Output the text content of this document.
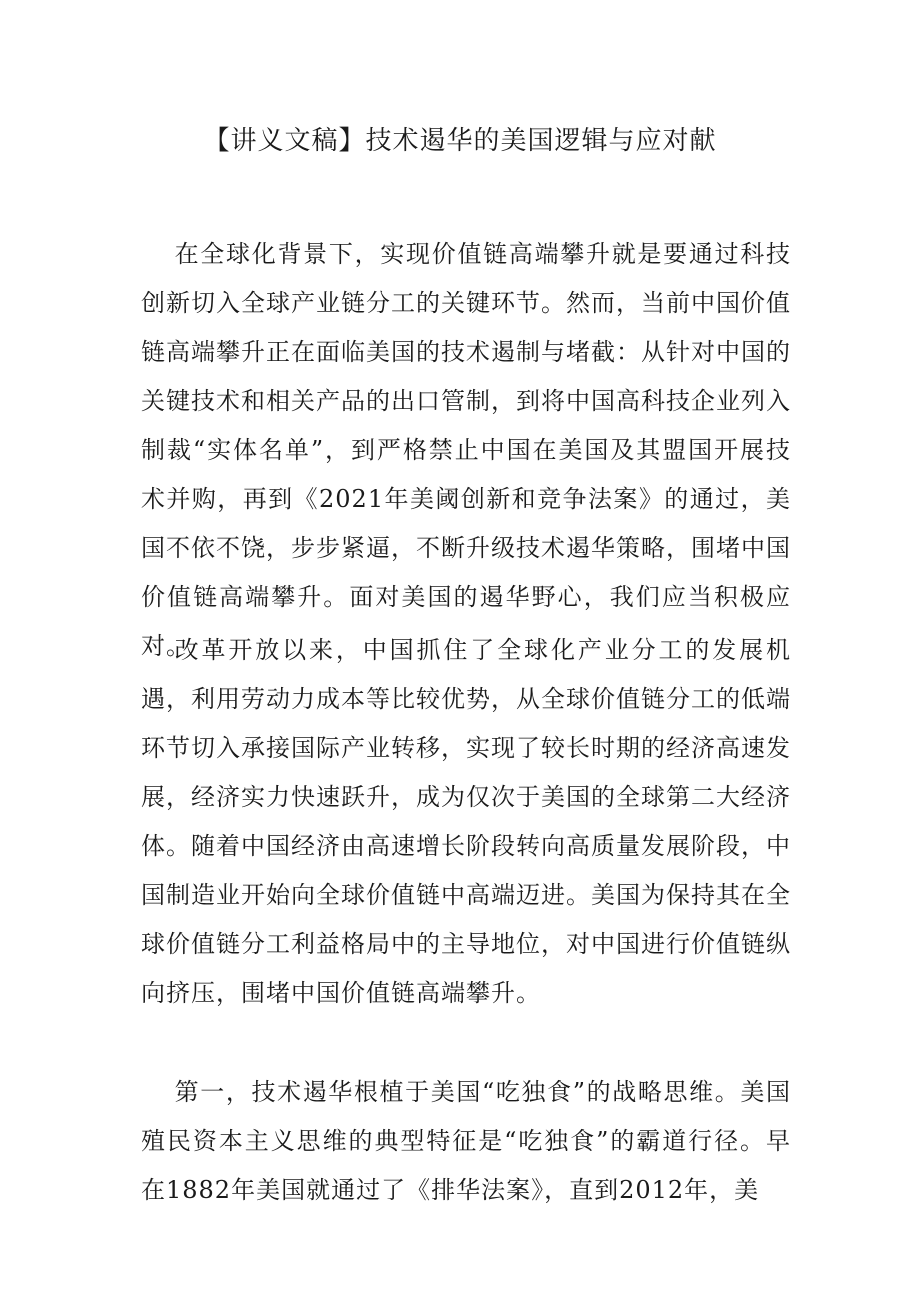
【讲义文稿】技术遏华的美国逻辑与应对献

在全球化背景下，实现价值链高端攀升就是要通过科技创新切入全球产业链分工的关键环节。然而，当前中国价值链高端攀升正在面临美国的技术遏制与堵截：从针对中国的关键技术和相关产品的出口管制，到将中国高科技企业列入制裁“实体名单”，到严格禁止中国在美国及其盟国开展技术并购，再到《2021年美阈创新和竞争法案》的通过，美国不依不饶，步步紧逼，不断升级技术遏华策略，围堵中国价值链高端攀升。面对美国的遏华野心，我们应当积极应对。

改革开放以来，中国抓住了全球化产业分工的发展机遇，利用劳动力成本等比较优势，从全球价值链分工的低端环节切入承接国际产业转移，实现了较长时期的经济高速发展，经济实力快速跃升，成为仅次于美国的全球第二大经济体。随着中国经济由高速增长阶段转向高质量发展阶段，中国制造业开始向全球价值链中高端迈进。美国为保持其在全球价值链分工利益格局中的主导地位，对中国进行价值链纵向挤压，围堵中国价值链高端攀升。

第一，技术遏华根植于美国“吃独食”的战略思维。美国殖民资本主义思维的典型特征是“吃独食”的霸道行径。早在1882年美国就通过了《排华法案》，直到2012年，美
